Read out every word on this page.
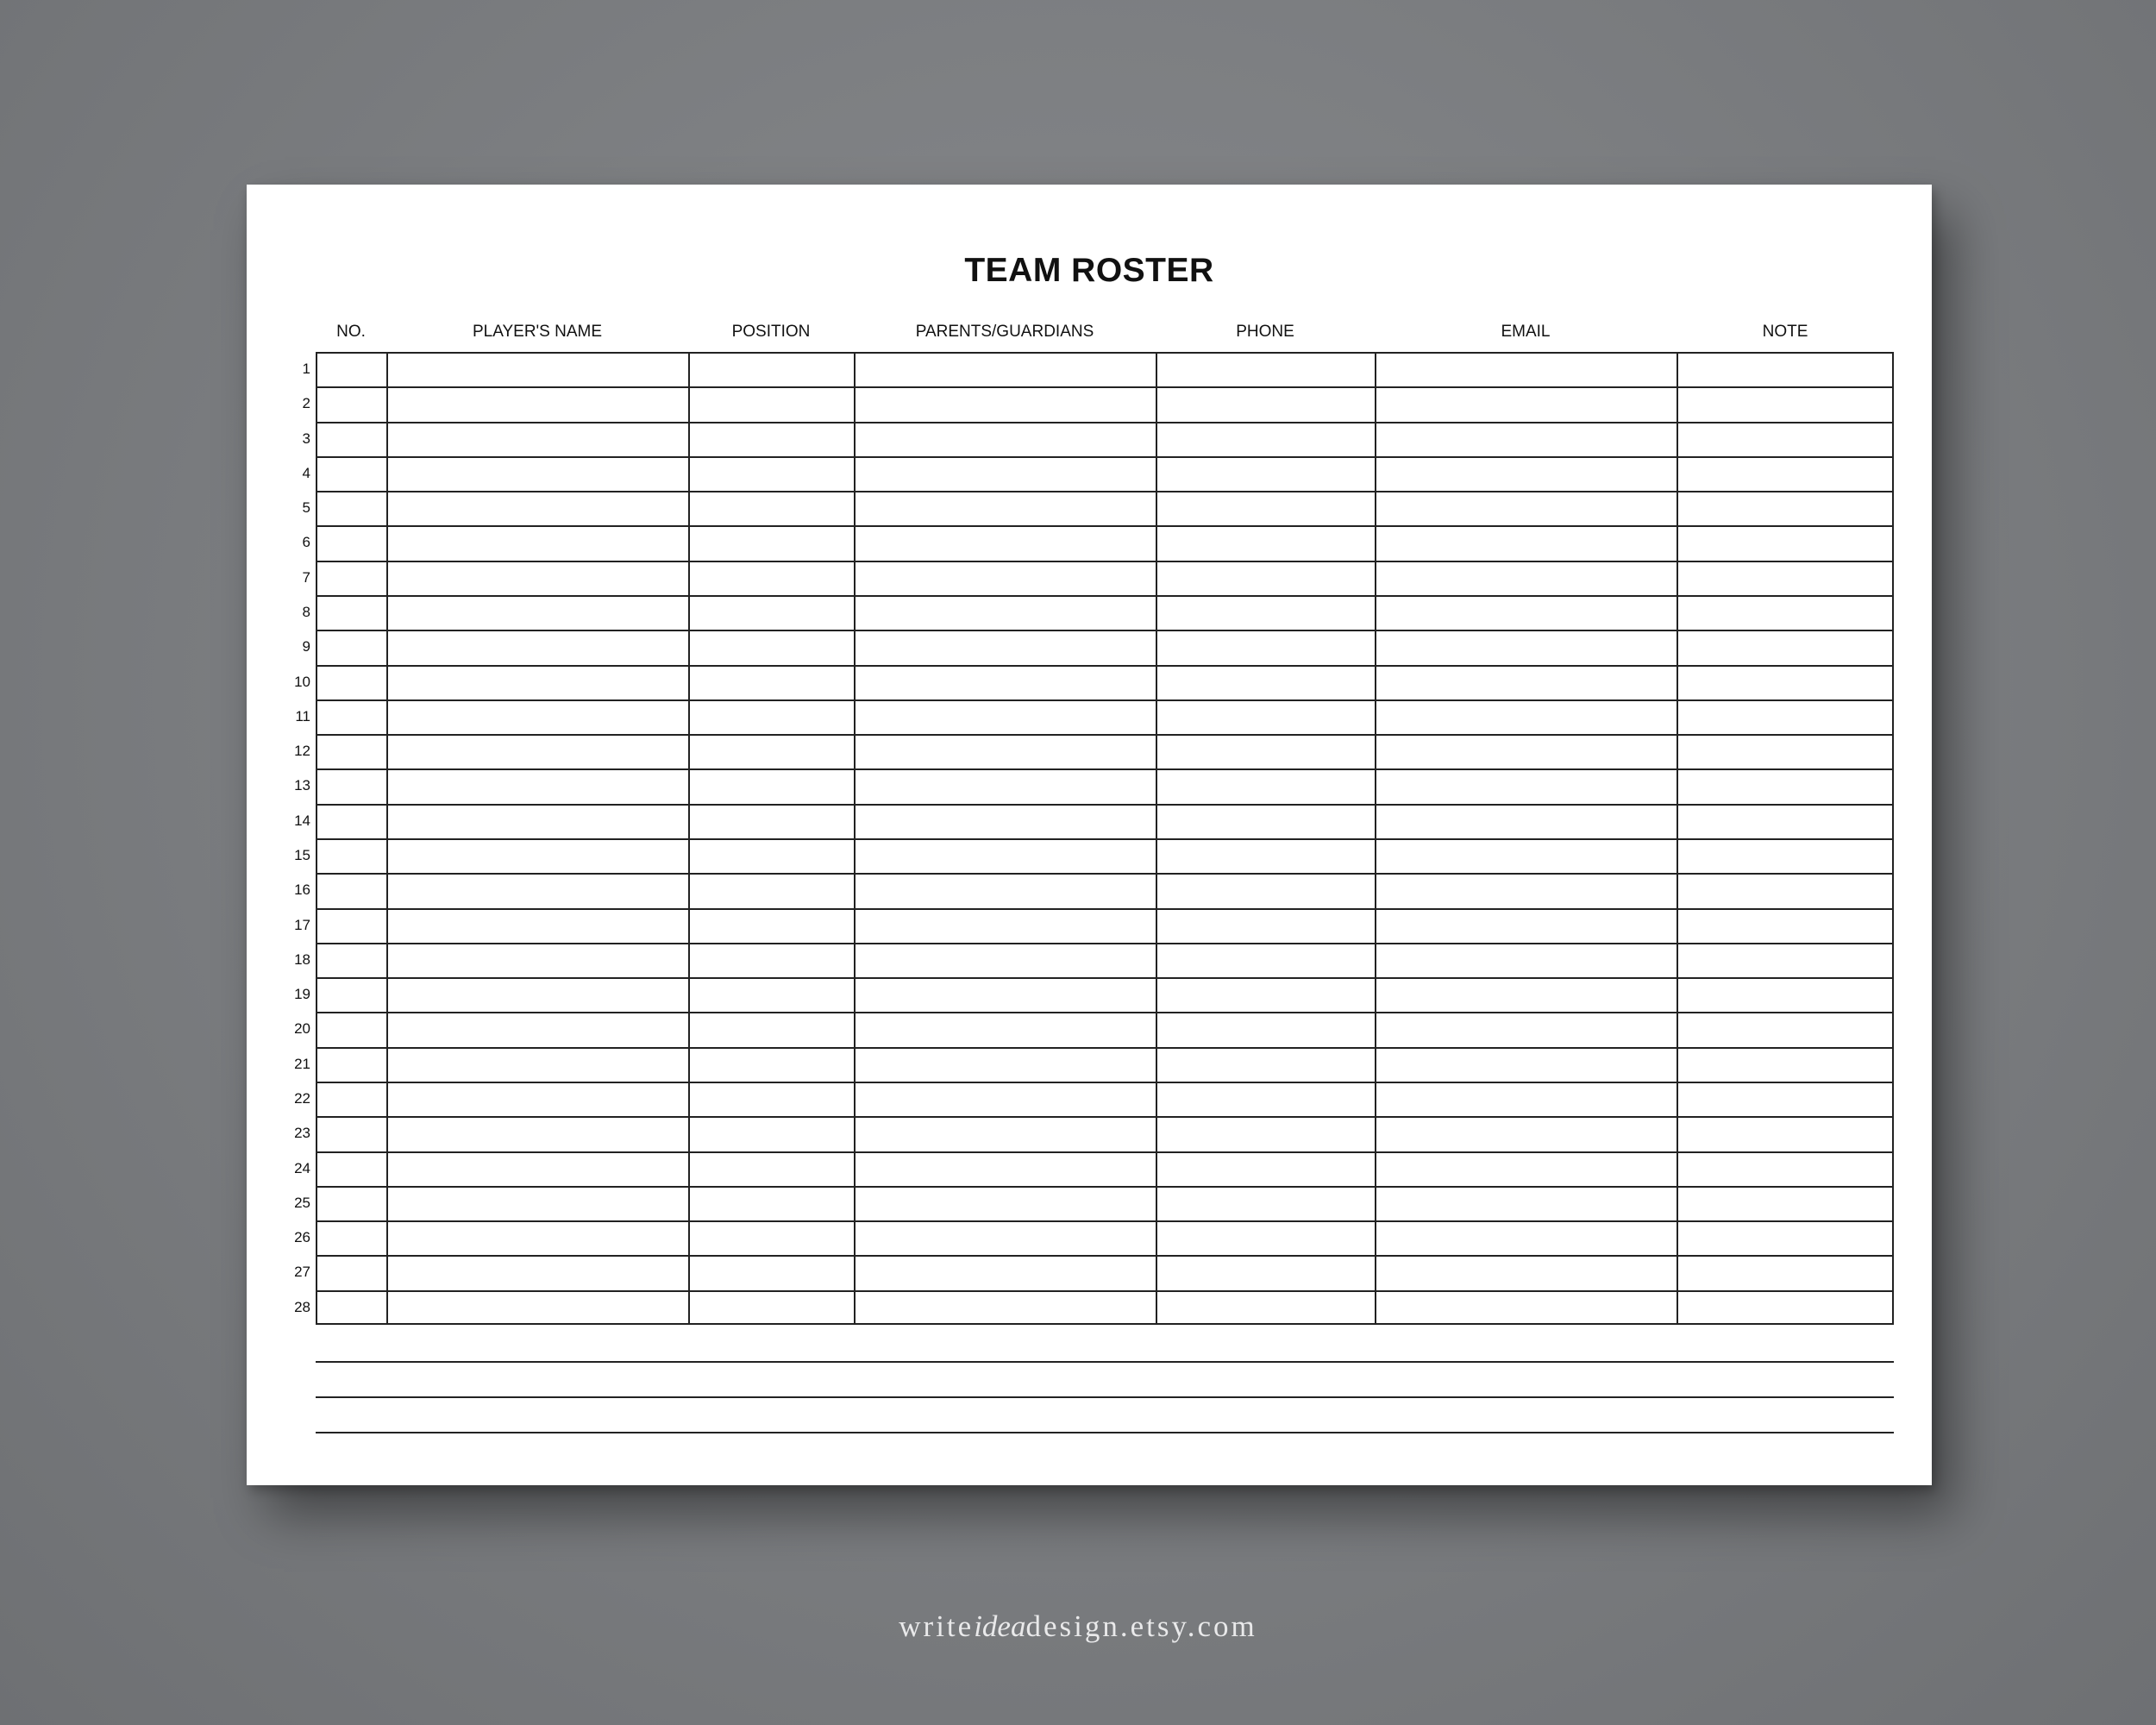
TEAM ROSTER
NO.	PLAYER'S NAME	POSITION	PARENTS/GUARDIANS	PHONE	EMAIL	NOTE
1
2
3
4
5
6
7
8
9
10
11
12
13
14
15
16
17
18
19
20
21
22
23
24
25
26
27
28
writeideadesign.etsy.com
